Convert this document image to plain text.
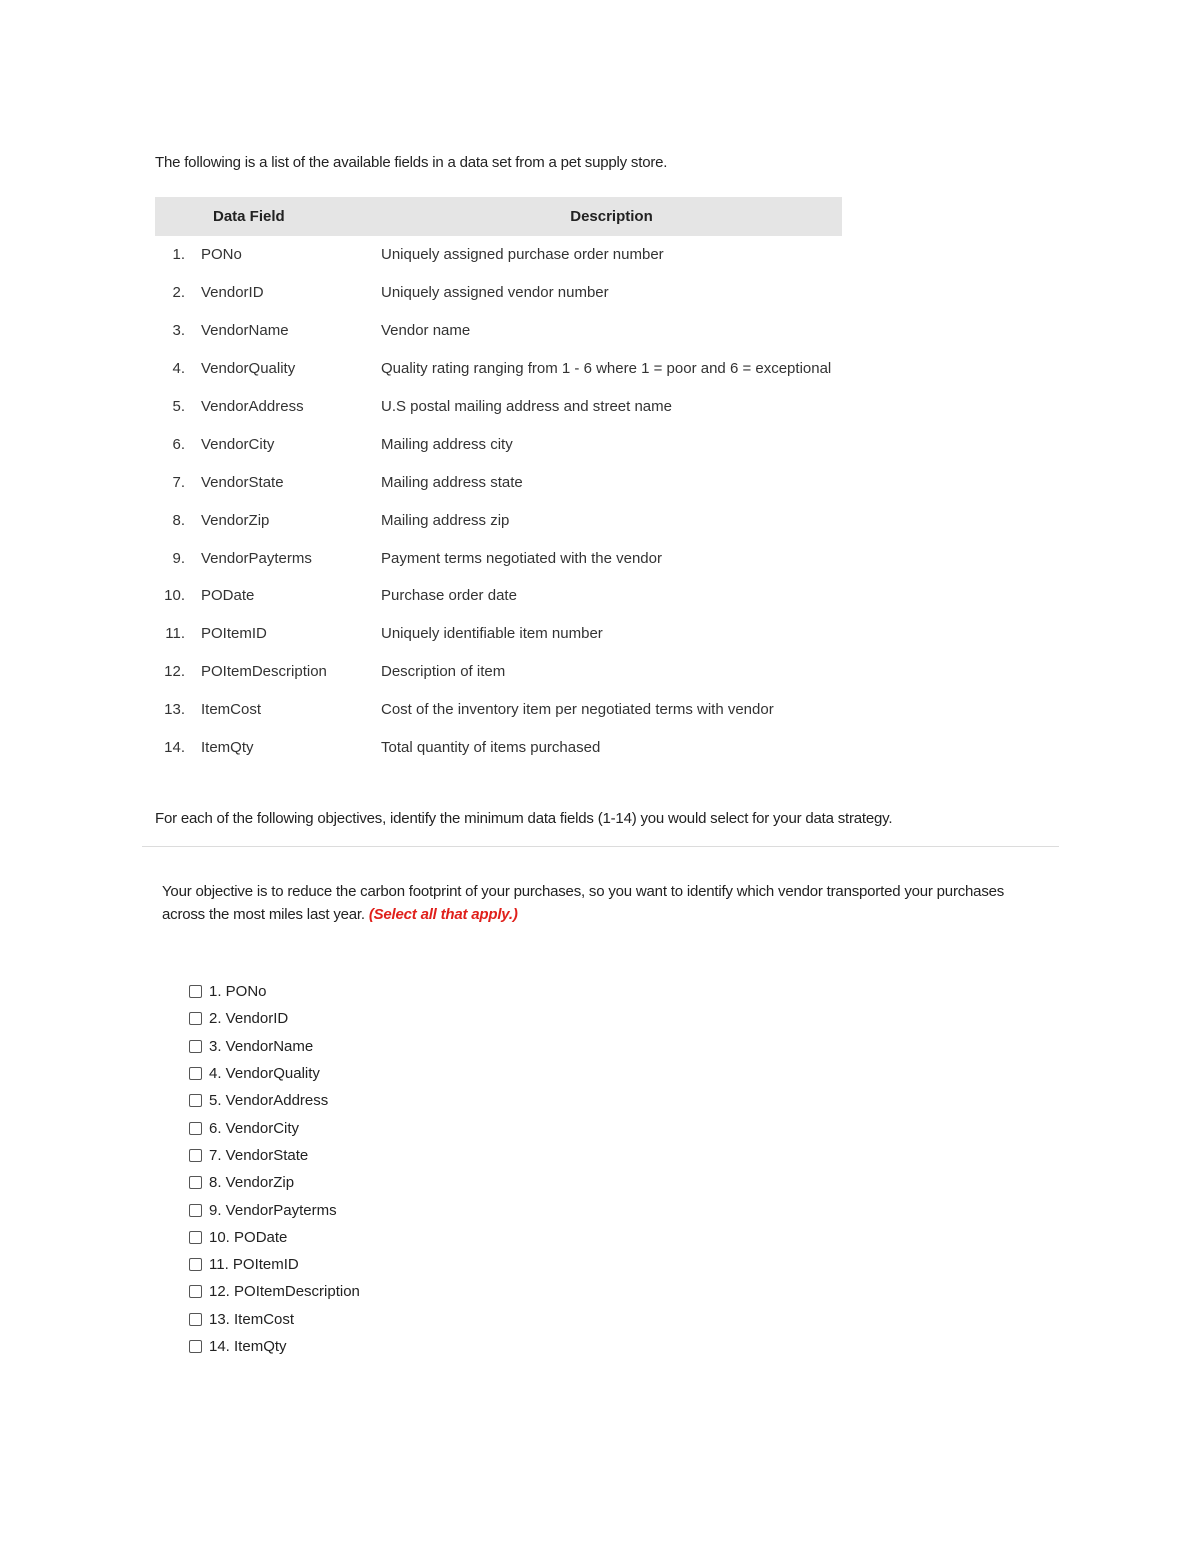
The following is a list of the available fields in a data set from a pet supply store.
	Data Field	Description
1.	PONo	Uniquely assigned purchase order number
2.	VendorID	Uniquely assigned vendor number
3.	VendorName	Vendor name
4.	VendorQuality	Quality rating ranging from 1 - 6 where 1 = poor and 6 = exceptional
5.	VendorAddress	U.S postal mailing address and street name
6.	VendorCity	Mailing address city
7.	VendorState	Mailing address state
8.	VendorZip	Mailing address zip
9.	VendorPayterms	Payment terms negotiated with the vendor
10.	PODate	Purchase order date
11.	POItemID	Uniquely identifiable item number
12.	POItemDescription	Description of item
13.	ItemCost	Cost of the inventory item per negotiated terms with vendor
14.	ItemQty	Total quantity of items purchased
For each of the following objectives, identify the minimum data fields (1-14) you would select for your data strategy.
Your objective is to reduce the carbon footprint of your purchases, so you want to identify which vendor transported your purchases across the most miles last year. (Select all that apply.)
1. PONo
2. VendorID
3. VendorName
4. VendorQuality
5. VendorAddress
6. VendorCity
7. VendorState
8. VendorZip
9. VendorPayterms
10. PODate
11. POItemID
12. POItemDescription
13. ItemCost
14. ItemQty
